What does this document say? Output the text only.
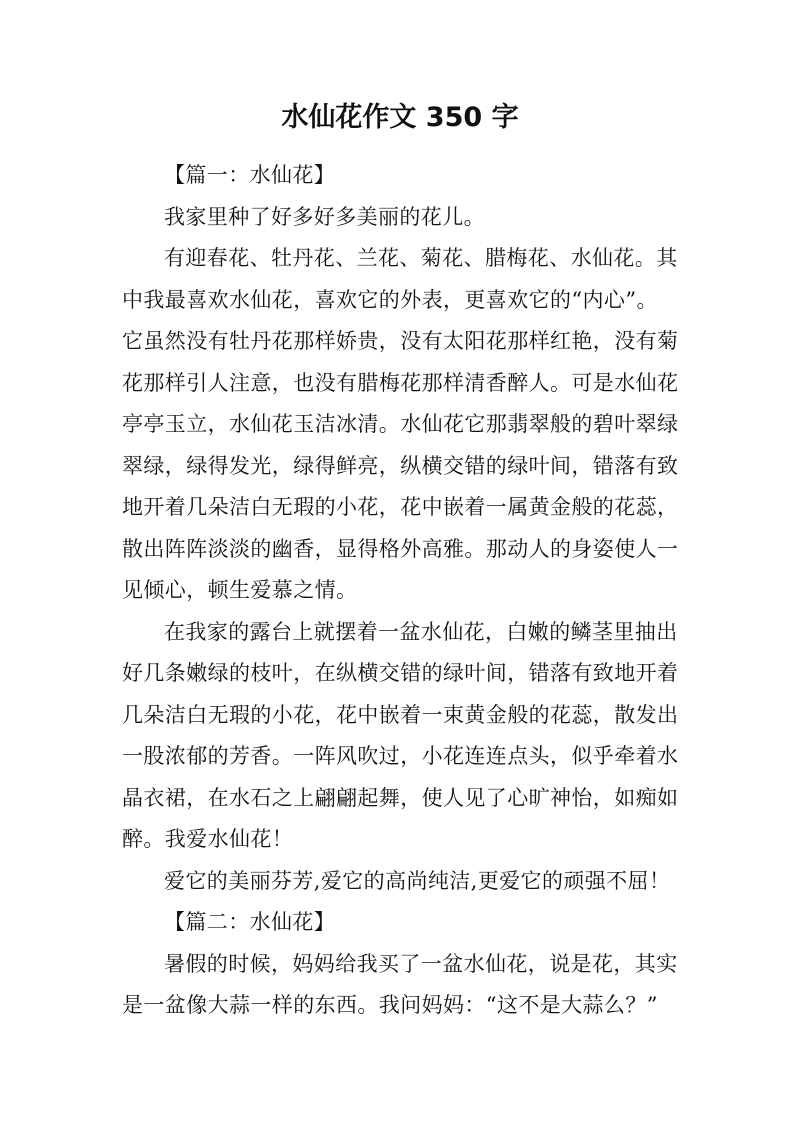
水仙花作文 350 字

【篇一：水仙花】

我家里种了好多好多美丽的花儿。

有迎春花、牡丹花、兰花、菊花、腊梅花、水仙花。其
中我最喜欢水仙花，喜欢它的外表，更喜欢它的“内心”。
它虽然没有牡丹花那样娇贵，没有太阳花那样红艳，没有菊
花那样引人注意，也没有腊梅花那样清香醉人。可是水仙花
亭亭玉立，水仙花玉洁冰清。水仙花它那翡翠般的碧叶翠绿
翠绿，绿得发光，绿得鲜亮，纵横交错的绿叶间，错落有致
地开着几朵洁白无瑕的小花，花中嵌着一属黄金般的花蕊，
散出阵阵淡淡的幽香，显得格外高雅。那动人的身姿使人一
见倾心，顿生爱慕之情。

在我家的露台上就摆着一盆水仙花，白嫩的鳞茎里抽出
好几条嫩绿的枝叶，在纵横交错的绿叶间，错落有致地开着
几朵洁白无瑕的小花，花中嵌着一束黄金般的花蕊，散发出
一股浓郁的芳香。一阵风吹过，小花连连点头，似乎牵着水
晶衣裙，在水石之上翩翩起舞，使人见了心旷神怡，如痴如
醉。我爱水仙花！

爱它的美丽芬芳,爱它的高尚纯洁,更爱它的顽强不屈！

【篇二：水仙花】

暑假的时候，妈妈给我买了一盆水仙花，说是花，其实
是一盆像大蒜一样的东西。我问妈妈：“这不是大蒜么？”
